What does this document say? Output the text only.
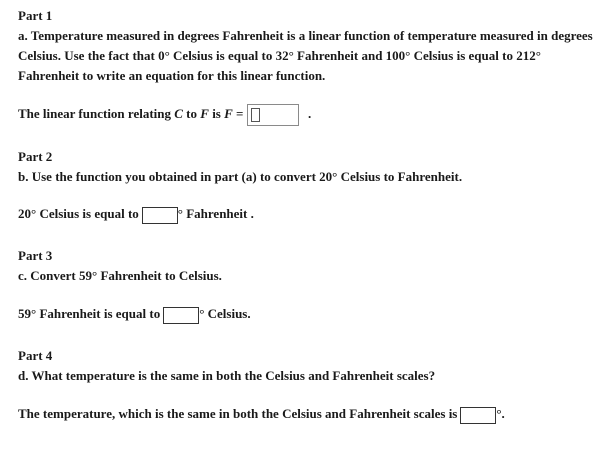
Part 1
a. Temperature measured in degrees Fahrenheit is a linear function of temperature measured in degrees Celsius. Use the fact that 0° Celsius is equal to 32° Fahrenheit and 100° Celsius is equal to 212° Fahrenheit to write an equation for this linear function.
The linear function relating C to F is F =	.
Part 2
b. Use the function you obtained in part (a) to convert 20° Celsius to Fahrenheit.
20° Celsius is equal to	° Fahrenheit .
Part 3
c. Convert 59° Fahrenheit to Celsius.
59° Fahrenheit is equal to	° Celsius.
Part 4
d. What temperature is the same in both the Celsius and Fahrenheit scales?
The temperature, which is the same in both the Celsius and Fahrenheit scales is	°.
